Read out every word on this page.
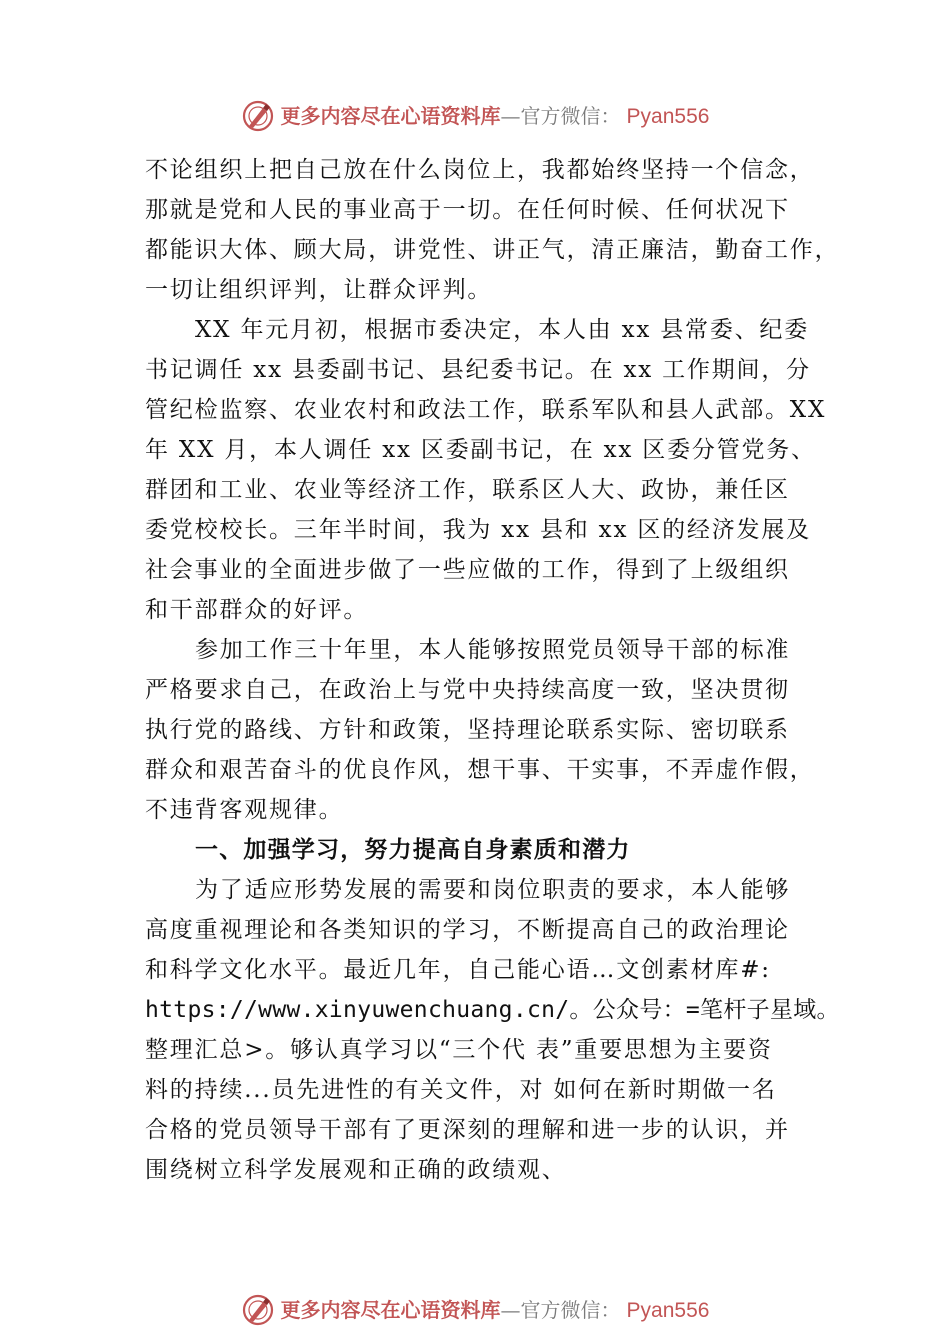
更多内容尽在心语资料库 —官方微信： Pyan556
不论组织上把自己放在什么岗位上，我都始终坚持一个信念，
那就是党和人民的事业高于一切。在任何时候、任何状况下
都能识大体、顾大局，讲党性、讲正气，清正廉洁，勤奋工作，
一切让组织评判，让群众评判。
XX 年元月初，根据市委决定，本人由 xx 县常委、纪委
书记调任 xx 县委副书记、县纪委书记。在 xx 工作期间，分
管纪检监察、农业农村和政法工作，联系军队和县人武部。XX
年 XX 月，本人调任 xx 区委副书记，在 xx 区委分管党务、
群团和工业、农业等经济工作，联系区人大、政协，兼任区
委党校校长。三年半时间，我为 xx 县和 xx 区的经济发展及
社会事业的全面进步做了一些应做的工作，得到了上级组织
和干部群众的好评。
参加工作三十年里，本人能够按照党员领导干部的标准
严格要求自己，在政治上与党中央持续高度一致，坚决贯彻
执行党的路线、方针和政策，坚持理论联系实际、密切联系
群众和艰苦奋斗的优良作风，想干事、干实事，不弄虚作假，
不违背客观规律。
一、加强学习，努力提高自身素质和潜力
为了适应形势发展的需要和岗位职责的要求，本人能够
高度重视理论和各类知识的学习，不断提高自己的政治理论
和科学文化水平。最近几年，自己能心语…文创素材库#:
https://www.xinyuwenchuang.cn/。公众号：=笔杆子星域。
整理汇总>。够认真学习以“三个代 表”重要思想为主要资
料的持续...员先进性的有关文件，对 如何在新时期做一名
合格的党员领导干部有了更深刻的理解和进一步的认识，并
围绕树立科学发展观和正确的政绩观、
更多内容尽在心语资料库 —官方微信： Pyan556
